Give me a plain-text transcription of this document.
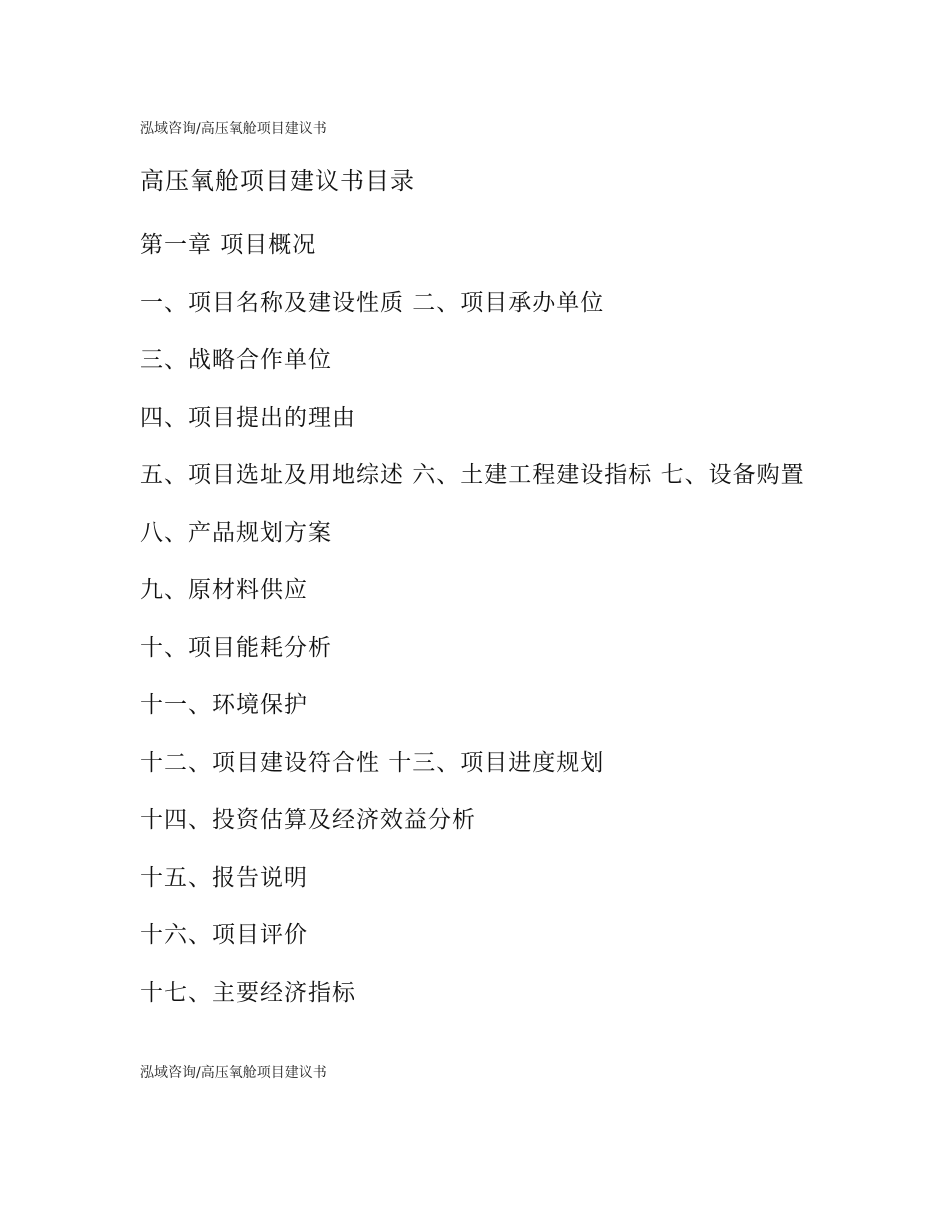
泓域咨询/高压氧舱项目建议书
高压氧舱项目建议书目录
第一章 项目概况
一、项目名称及建设性质 二、项目承办单位
三、战略合作单位
四、项目提出的理由
五、项目选址及用地综述 六、土建工程建设指标 七、设备购置
八、产品规划方案
九、原材料供应
十、项目能耗分析
十一、环境保护
十二、项目建设符合性 十三、项目进度规划
十四、投资估算及经济效益分析
十五、报告说明
十六、项目评价
十七、主要经济指标
泓域咨询/高压氧舱项目建议书
